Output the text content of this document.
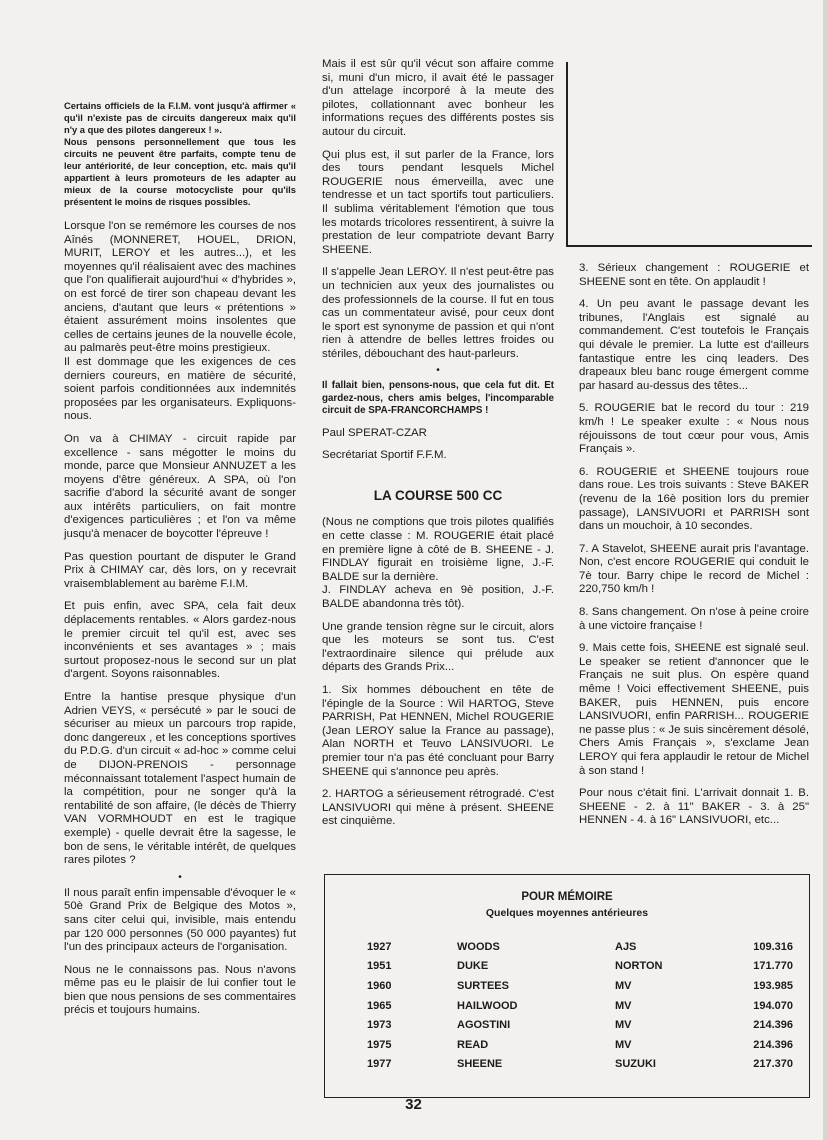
Certains officiels de la F.I.M. vont jusqu'à affirmer « qu'il n'existe pas de circuits dangereux maix qu'il n'y a que des pilotes dangereux ! ».

Nous pensons personnellement que tous les circuits ne peuvent être parfaits, compte tenu de leur antériorité, de leur conception, etc. mais qu'il appartient à leurs promoteurs de les adapter au mieux de la course motocycliste pour qu'ils présentent le moins de risques possibles.

Lorsque l'on se remémore les courses de nos Aînés (MONNERET, HOUEL, DRION, MURIT, LEROY et les autres...), et les moyennes qu'il réalisaient avec des machines que l'on qualifierait aujourd'hui « d'hybrides », on est forcé de tirer son chapeau devant les anciens, d'autant que leurs « prétentions » étaient assurément moins insolentes que celles de certains jeunes de la nouvelle école, au palmarès peut-être moins prestigieux.

Il est dommage que les exigences de ces derniers coureurs, en matière de sécurité, soient parfois conditionnées aux indemnités proposées par les organisateurs. Expliquons-nous.

On va à CHIMAY - circuit rapide par excellence - sans mégotter le moins du monde, parce que Monsieur ANNUZET a les moyens d'être généreux. A SPA, où l'on sacrifie d'abord la sécurité avant de songer aux intérêts particuliers, on fait montre d'exigences particulières ; et l'on va même jusqu'à menacer de boycotter l'épreuve !

Pas question pourtant de disputer le Grand Prix à CHIMAY car, dès lors, on y recevrait vraisemblablement au barème F.I.M.

Et puis enfin, avec SPA, cela fait deux déplacements rentables. « Alors gardez-nous le premier circuit tel qu'il est, avec ses inconvénients et ses avantages » ; mais surtout proposez-nous le second sur un plat d'argent. Soyons raisonnables.

Entre la hantise presque physique d'un Adrien VEYS, « persécuté » par le souci de sécuriser au mieux un parcours trop rapide, donc dangereux , et les conceptions sportives du P.D.G. d'un circuit « ad-hoc » comme celui de DIJON-PRENOIS - personnage méconnaissant totalement l'aspect humain de la compétition, pour ne songer qu'à la rentabilité de son affaire, (le décès de Thierry VAN VORMHOUDT en est le tragique exemple) - quelle devrait être la sagesse, le bon de sens, le véritable intérêt, de quelques rares pilotes ?

•

Il nous paraît enfin impensable d'évoquer le « 50è Grand Prix de Belgique des Motos », sans citer celui qui, invisible, mais entendu par 120 000 personnes (50 000 payantes) fut l'un des principaux acteurs de l'organisation.

Nous ne le connaissons pas. Nous n'avons même pas eu le plaisir de lui confier tout le bien que nous pensions de ses commentaires précis et toujours humains.

Mais il est sûr qu'il vécut son affaire comme si, muni d'un micro, il avait été le passager d'un attelage incorporé à la meute des pilotes, collationnant avec bonheur les informations reçues des différents postes sis autour du circuit.

Qui plus est, il sut parler de la France, lors des tours pendant lesquels Michel ROUGERIE nous émerveilla, avec une tendresse et un tact sportifs tout particuliers. Il sublima véritablement l'émotion que tous les motards tricolores ressentirent, à suivre la prestation de leur compatriote devant Barry SHEENE.

Il s'appelle Jean LEROY. Il n'est peut-être pas un technicien aux yeux des journalistes ou des professionnels de la course. Il fut en tous cas un commentateur avisé, pour ceux dont le sport est synonyme de passion et qui n'ont rien à attendre de belles lettres froides ou stériles, débouchant des haut-parleurs.

•

Il fallait bien, pensons-nous, que cela fut dit. Et gardez-nous, chers amis belges, l'incomparable circuit de SPA-FRANCORCHAMPS !

Paul SPERAT-CZAR

Secrétariat Sportif F.F.M.

LA COURSE 500 CC

(Nous ne comptions que trois pilotes qualifiés en cette classe : M. ROUGERIE était placé en première ligne à côté de B. SHEENE - J. FINDLAY figurait en troisième ligne, J.-F. BALDE sur la dernière.

J. FINDLAY acheva en 9è position, J.-F. BALDE abandonna très tôt).

Une grande tension règne sur le circuit, alors que les moteurs se sont tus. C'est l'extraordinaire silence qui prélude aux départs des Grands Prix...

1. Six hommes débouchent en tête de l'épingle de la Source : Wil HARTOG, Steve PARRISH, Pat HENNEN, Michel ROUGERIE (Jean LEROY salue la France au passage), Alan NORTH et Teuvo LANSIVUORI. Le premier tour n'a pas été concluant pour Barry SHEENE qui s'annonce peu après.

2. HARTOG a sérieusement rétrogradé. C'est LANSIVUORI qui mène à présent. SHEENE est cinquième.

3. Sérieux changement : ROUGERIE et SHEENE sont en tête. On applaudit !

4. Un peu avant le passage devant les tribunes, l'Anglais est signalé au commandement. C'est toutefois le Français qui dévale le premier. La lutte est d'ailleurs fantastique entre les cinq leaders. Des drapeaux bleu banc rouge émergent comme par hasard au-dessus des têtes...

5. ROUGERIE bat le record du tour : 219 km/h ! Le speaker exulte : « Nous nous réjouissons de tout cœur pour vous, Amis Français ».

6. ROUGERIE et SHEENE toujours roue dans roue. Les trois suivants : Steve BAKER (revenu de la 16è position lors du premier passage), LANSIVUORI et PARRISH sont dans un mouchoir, à 10 secondes.

7. A Stavelot, SHEENE aurait pris l'avantage. Non, c'est encore ROUGERIE qui conduit le 7è tour. Barry chipe le record de Michel : 220,750 km/h !

8. Sans changement. On n'ose à peine croire à une victoire française !

9. Mais cette fois, SHEENE est signalé seul. Le speaker se retient d'annoncer que le Français ne suit plus. On espère quand même ! Voici effectivement SHEENE, puis BAKER, puis HENNEN, puis encore LANSIVUORI, enfin PARRISH... ROUGERIE ne passe plus : « Je suis sincèrement désolé, Chers Amis Français », s'exclame Jean LEROY qui fera applaudir le retour de Michel à son stand !

Pour nous c'était fini. L'arrivait donnait 1. B. SHEENE - 2. à 11" BAKER - 3. à 25" HENNEN - 4. à 16" LANSIVUORI, etc...

POUR MÉMOIRE
Quelques moyennes antérieures
1927	WOODS	AJS	109.316
1951	DUKE	NORTON	171.770
1960	SURTEES	MV	193.985
1965	HAILWOOD	MV	194.070
1973	AGOSTINI	MV	214.396
1975	READ	MV	214.396
1977	SHEENE	SUZUKI	217.370
32
